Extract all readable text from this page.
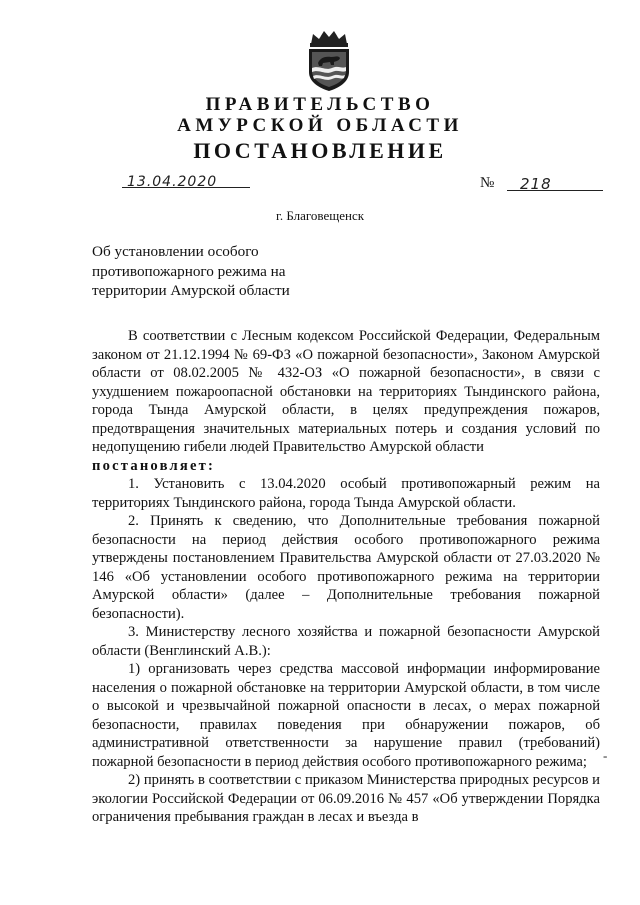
ПРАВИТЕЛЬСТВО
АМУРСКОЙ ОБЛАСТИ
ПОСТАНОВЛЕНИЕ
13.04.2020	№ 218
г. Благовещенск
Об установлении особого
противопожарного режима на
территории Амурской области

В соответствии с Лесным кодексом Российской Федерации, Федеральным законом от 21.12.1994 № 69-ФЗ «О пожарной безопасности», Законом Амурской области от 08.02.2005 № 432-ОЗ «О пожарной безопасности», в связи с ухудшением пожароопасной обстановки на территориях Тындинского района, города Тында Амурской области, в целях предупреждения пожаров, предотвращения значительных материальных потерь и создания условий по недопущению гибели людей Правительство Амурской области

постановляет:

1. Установить с 13.04.2020 особый противопожарный режим на территориях Тындинского района, города Тында Амурской области.

2. Принять к сведению, что Дополнительные требования пожарной безопасности на период действия особого противопожарного режима утверждены постановлением Правительства Амурской области от 27.03.2020 № 146 «Об установлении особого противопожарного режима на территории Амурской области» (далее – Дополнительные требования пожарной безопасности).

3. Министерству лесного хозяйства и пожарной безопасности Амурской области (Венглинский А.В.):

1) организовать через средства массовой информации информирование населения о пожарной обстановке на территории Амурской области, в том числе о высокой и чрезвычайной пожарной опасности в лесах, о мерах пожарной безопасности, правилах поведения при обнаружении пожаров, об административной ответственности за нарушение правил (требований) пожарной безопасности в период действия особого противопожарного режима;

2) принять в соответствии с приказом Министерства природных ресурсов и экологии Российской Федерации от 06.09.2016 № 457 «Об утверждении Порядка ограничения пребывания граждан в лесах и въезда в

-
